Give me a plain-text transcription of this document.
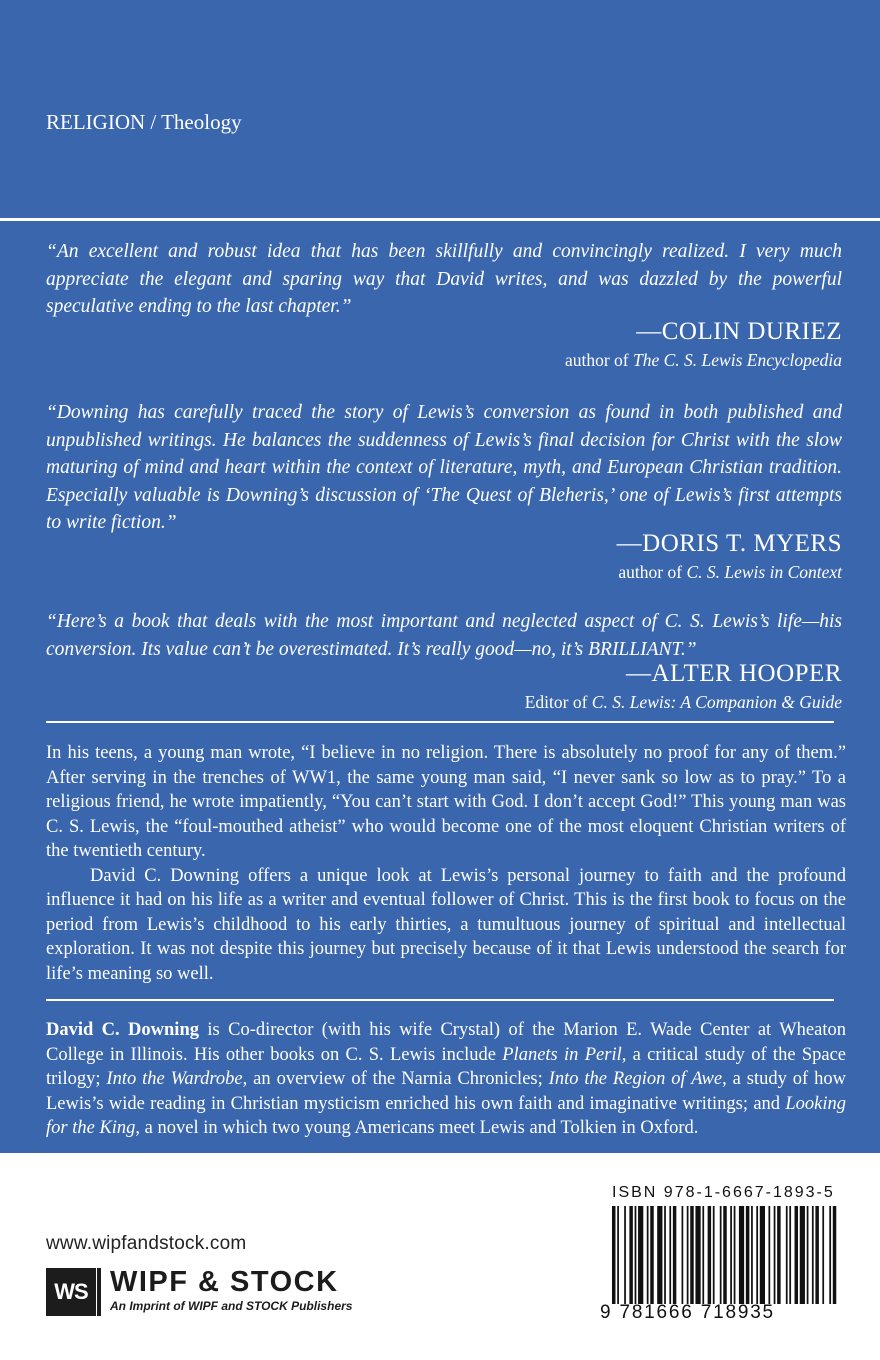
RELIGION / Theology
“An excellent and robust idea that has been skillfully and convincingly realized. I very much appreciate the elegant and sparing way that David writes, and was dazzled by the powerful speculative ending to the last chapter.”
—COLIN DURIEZ
author of The C. S. Lewis Encyclopedia
“Downing has carefully traced the story of Lewis’s conversion as found in both published and unpublished writings. He balances the suddenness of Lewis’s final decision for Christ with the slow maturing of mind and heart within the context of literature, myth, and European Christian tradition. Especially valuable is Downing’s discussion of ‘The Quest of Bleheris,’ one of Lewis’s first attempts to write fiction.”
—DORIS T. MYERS
author of C. S. Lewis in Context
“Here’s a book that deals with the most important and neglected aspect of C. S. Lewis’s life—his conversion. Its value can’t be overestimated. It’s really good—no, it’s BRILLIANT.”
—ALTER HOOPER
Editor of C. S. Lewis: A Companion & Guide

In his teens, a young man wrote, “I believe in no religion. There is absolutely no proof for any of them.” After serving in the trenches of WW1, the same young man said, “I never sank so low as to pray.” To a religious friend, he wrote impatiently, “You can’t start with God. I don’t accept God!” This young man was C. S. Lewis, the “foul-mouthed atheist” who would become one of the most eloquent Christian writers of the twentieth century.

David C. Downing offers a unique look at Lewis’s personal journey to faith and the profound influence it had on his life as a writer and eventual follower of Christ. This is the first book to focus on the period from Lewis’s childhood to his early thirties, a tumultuous journey of spiritual and intellectual exploration. It was not despite this journey but precisely because of it that Lewis understood the search for life’s meaning so well.

David C. Downing is Co-director (with his wife Crystal) of the Marion E. Wade Center at Wheaton College in Illinois. His other books on C. S. Lewis include Planets in Peril, a critical study of the Space trilogy; Into the Wardrobe, an overview of the Narnia Chronicles; Into the Region of Awe, a study of how Lewis’s wide reading in Christian mysticism enriched his own faith and imaginative writings; and Looking for the King, a novel in which two young Americans meet Lewis and Tolkien in Oxford.
www.wipfandstock.com
WS WIPF & STOCK
An Imprint of WIPF and STOCK Publishers
ISBN 978-1-6667-1893-5
9 781666 718935
